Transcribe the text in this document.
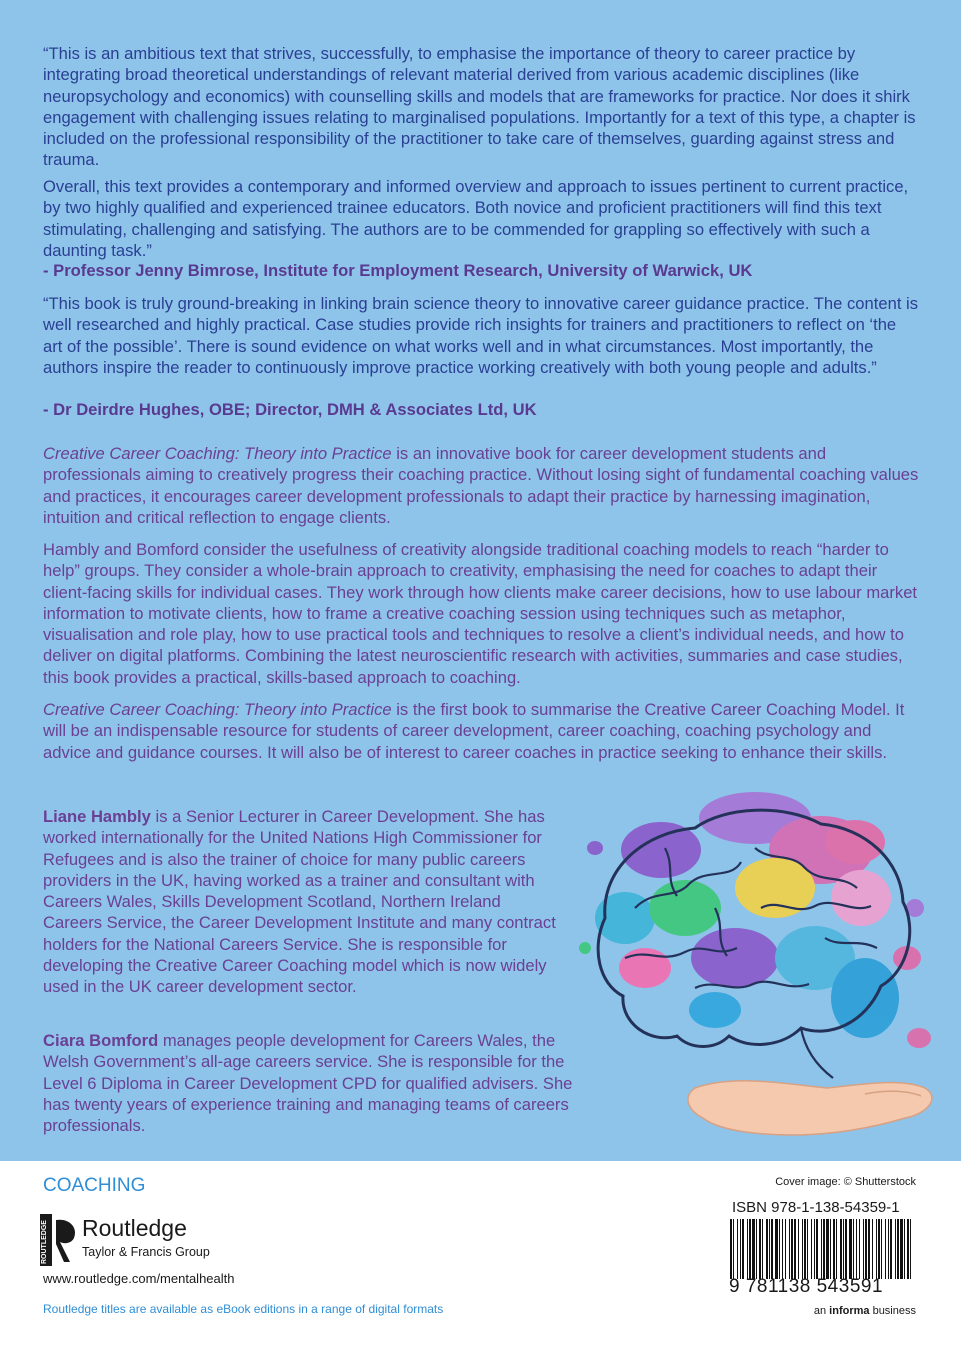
“This is an ambitious text that strives, successfully, to emphasise the importance of theory to career practice by integrating broad theoretical understandings of relevant material derived from various academic disciplines (like neuropsychology and economics) with counselling skills and models that are frameworks for practice. Nor does it shirk engagement with challenging issues relating to marginalised populations. Importantly for a text of this type, a chapter is included on the professional responsibility of the practitioner to take care of themselves, guarding against stress and trauma.

Overall, this text provides a contemporary and informed overview and approach to issues pertinent to current practice, by two highly qualified and experienced trainee educators. Both novice and proficient practitioners will find this text stimulating, challenging and satisfying. The authors are to be commended for grappling so effectively with such a daunting task.”

- Professor Jenny Bimrose, Institute for Employment Research, University of Warwick, UK

“This book is truly ground-breaking in linking brain science theory to innovative career guidance practice. The content is well researched and highly practical. Case studies provide rich insights for trainers and practitioners to reflect on ‘the art of the possible’. There is sound evidence on what works well and in what circumstances. Most importantly, the authors inspire the reader to continuously improve practice working creatively with both young people and adults.”

- Dr Deirdre Hughes, OBE; Director, DMH & Associates Ltd, UK

Creative Career Coaching: Theory into Practice is an innovative book for career development students and professionals aiming to creatively progress their coaching practice. Without losing sight of fundamental coaching values and practices, it encourages career development professionals to adapt their practice by harnessing imagination, intuition and critical reflection to engage clients.

Hambly and Bomford consider the usefulness of creativity alongside traditional coaching models to reach “harder to help” groups. They consider a whole-brain approach to creativity, emphasising the need for coaches to adapt their client-facing skills for individual cases. They work through how clients make career decisions, how to use labour market information to motivate clients, how to frame a creative coaching session using techniques such as metaphor, visualisation and role play, how to use practical tools and techniques to resolve a client’s individual needs, and how to deliver on digital platforms. Combining the latest neuroscientific research with activities, summaries and case studies, this book provides a practical, skills-based approach to coaching.

Creative Career Coaching: Theory into Practice is the first book to summarise the Creative Career Coaching Model. It will be an indispensable resource for students of career development, career coaching, coaching psychology and advice and guidance courses. It will also be of interest to career coaches in practice seeking to enhance their skills.

Liane Hambly is a Senior Lecturer in Career Development. She has worked internationally for the United Nations High Commissioner for Refugees and is also the trainer of choice for many public careers providers in the UK, having worked as a trainer and consultant with Careers Wales, Skills Development Scotland, Northern Ireland Careers Service, the Career Development Institute and many contract holders for the National Careers Service. She is responsible for developing the Creative Career Coaching model which is now widely used in the UK career development sector.

Ciara Bomford manages people development for Careers Wales, the Welsh Government’s all-age careers service. She is responsible for the Level 6 Diploma in Career Development CPD for qualified advisers. She has twenty years of experience training and managing teams of careers professionals.

COACHING
ROUTLEDGE Routledge
Taylor & Francis Group
www.routledge.com/mentalhealth
Routledge titles are available as eBook editions in a range of digital formats
Cover image: © Shutterstock
ISBN 978-1-138-54359-1
9 781138 543591
an informa business
